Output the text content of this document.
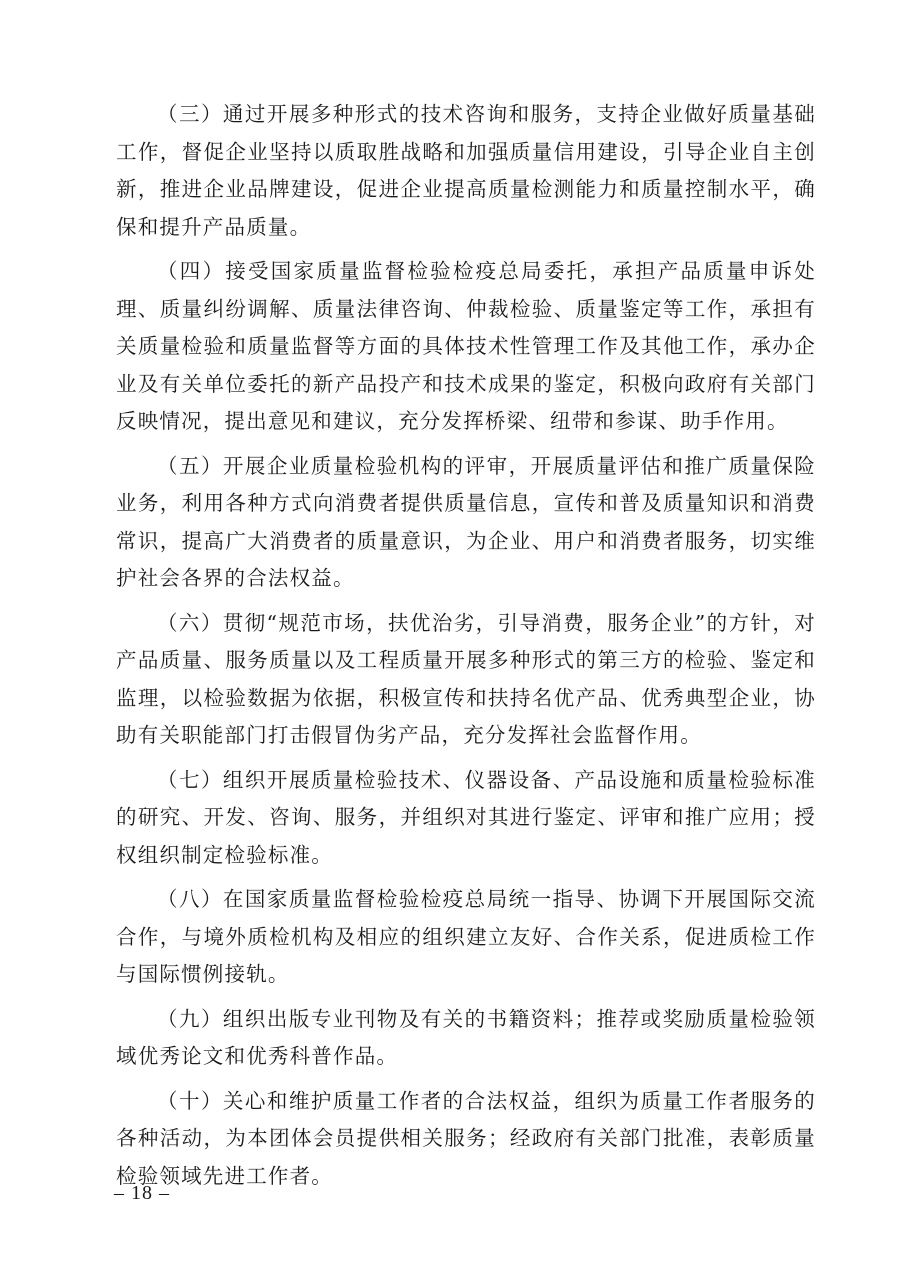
（三）通过开展多种形式的技术咨询和服务，支持企业做好质量基础工作，督促企业坚持以质取胜战略和加强质量信用建设，引导企业自主创新，推进企业品牌建设，促进企业提高质量检测能力和质量控制水平，确保和提升产品质量。

（四）接受国家质量监督检验检疫总局委托，承担产品质量申诉处理、质量纠纷调解、质量法律咨询、仲裁检验、质量鉴定等工作，承担有关质量检验和质量监督等方面的具体技术性管理工作及其他工作，承办企业及有关单位委托的新产品投产和技术成果的鉴定，积极向政府有关部门反映情况，提出意见和建议，充分发挥桥梁、纽带和参谋、助手作用。

（五）开展企业质量检验机构的评审，开展质量评估和推广质量保险业务，利用各种方式向消费者提供质量信息，宣传和普及质量知识和消费常识，提高广大消费者的质量意识，为企业、用户和消费者服务，切实维护社会各界的合法权益。

（六）贯彻“规范市场，扶优治劣，引导消费，服务企业”的方针，对产品质量、服务质量以及工程质量开展多种形式的第三方的检验、鉴定和监理，以检验数据为依据，积极宣传和扶持名优产品、优秀典型企业，协助有关职能部门打击假冒伪劣产品，充分发挥社会监督作用。

（七）组织开展质量检验技术、仪器设备、产品设施和质量检验标准的研究、开发、咨询、服务，并组织对其进行鉴定、评审和推广应用；授权组织制定检验标准。

（八）在国家质量监督检验检疫总局统一指导、协调下开展国际交流合作，与境外质检机构及相应的组织建立友好、合作关系，促进质检工作与国际惯例接轨。

（九）组织出版专业刊物及有关的书籍资料；推荐或奖励质量检验领域优秀论文和优秀科普作品。

（十）关心和维护质量工作者的合法权益，组织为质量工作者服务的各种活动，为本团体会员提供相关服务；经政府有关部门批准，表彰质量检验领域先进工作者。

– 18 –
